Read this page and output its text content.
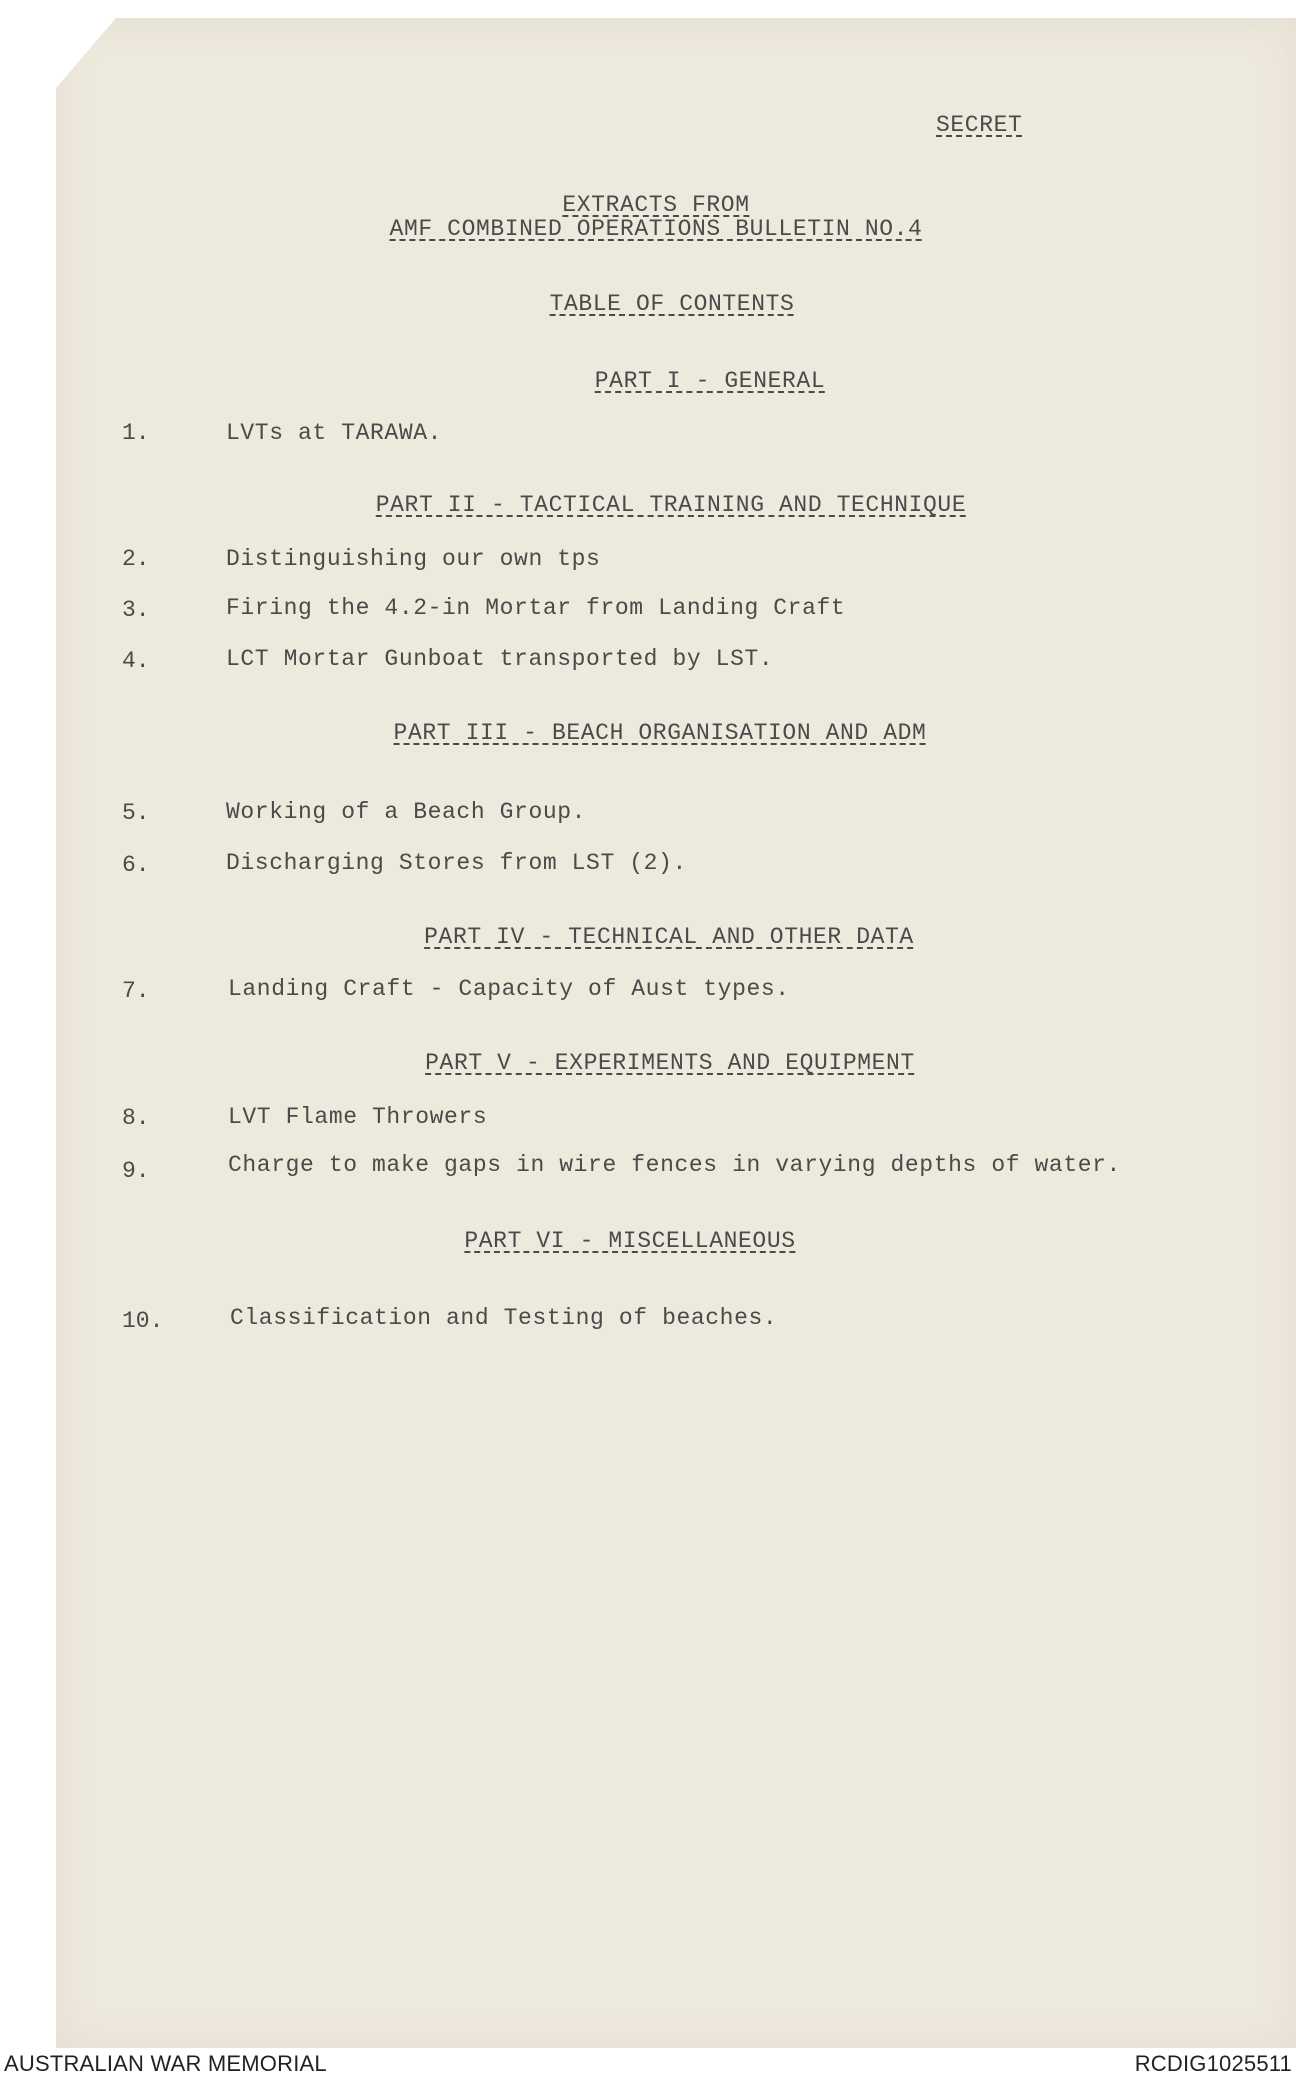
SECRET
EXTRACTS FROM
AMF COMBINED OPERATIONS BULLETIN NO.4
TABLE OF CONTENTS
PART I - GENERAL
1.	LVTs at TARAWA.
PART II - TACTICAL TRAINING AND TECHNIQUE
2.	Distinguishing our own tps
3.	Firing the 4.2-in Mortar from Landing Craft
4.	LCT Mortar Gunboat transported by LST.
PART III - BEACH ORGANISATION AND ADM
5.	Working of a Beach Group.
6.	Discharging Stores from LST (2).
PART IV - TECHNICAL AND OTHER DATA
7.	Landing Craft - Capacity of Aust types.
PART V - EXPERIMENTS AND EQUIPMENT
8.	LVT Flame Throwers
9.	Charge to make gaps in wire fences in varying depths of water.
PART VI - MISCELLANEOUS
10.	Classification and Testing of beaches.
AUSTRALIAN WAR MEMORIAL	RCDIG1025511
